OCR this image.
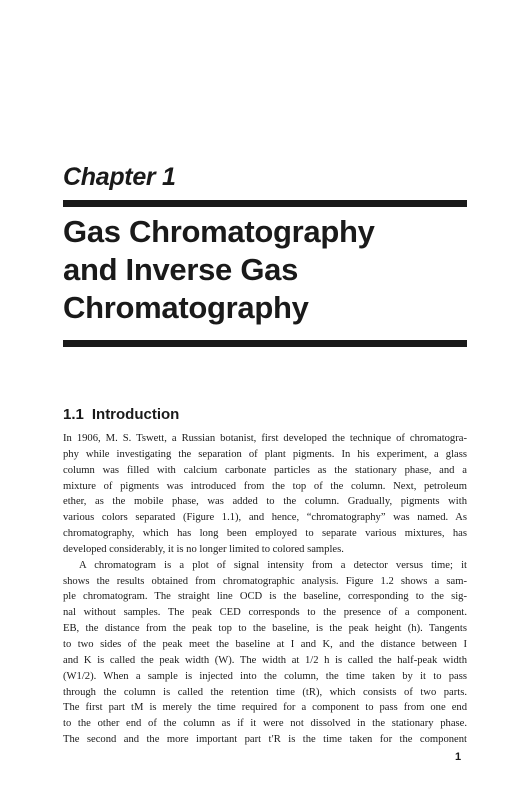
Chapter 1
Gas Chromatography
and Inverse Gas
Chromatography
1.1 Introduction
In 1906, M. S. Tswett, a Russian botanist, first developed the technique of chromatogra-
phy while investigating the separation of plant pigments. In his experiment, a glass
column was filled with calcium carbonate particles as the stationary phase, and a
mixture of pigments was introduced from the top of the column. Next, petroleum
ether, as the mobile phase, was added to the column. Gradually, pigments with
various colors separated (Figure 1.1), and hence, “chromatography” was named. As
chromatography, which has long been employed to separate various mixtures, has
developed considerably, it is no longer limited to colored samples.
A chromatogram is a plot of signal intensity from a detector versus time; it
shows the results obtained from chromatographic analysis. Figure 1.2 shows a sam-
ple chromatogram. The straight line OCD is the baseline, corresponding to the sig-
nal without samples. The peak CED corresponds to the presence of a component.
EB, the distance from the peak top to the baseline, is the peak height (h). Tangents
to two sides of the peak meet the baseline at I and K, and the distance between I
and K is called the peak width (W). The width at 1/2 h is called the half-peak width
(W1/2). When a sample is injected into the column, the time taken by it to pass
through the column is called the retention time (tR), which consists of two parts.
The first part tM is merely the time required for a component to pass from one end
to the other end of the column as if it were not dissolved in the stationary phase.
The second and the more important part t′R is the time taken for the component
1
